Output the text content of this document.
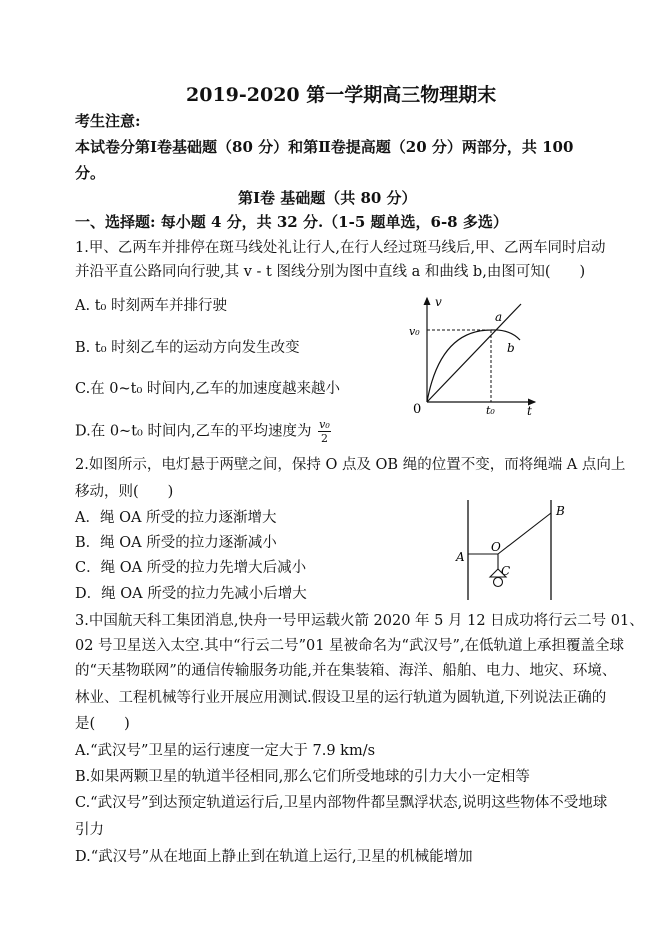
2019-2020 第一学期高三物理期末
考生注意:
本试卷分第Ⅰ卷基础题（80 分）和第Ⅱ卷提高题（20 分）两部分，共 100
分。
第Ⅰ卷 基础题（共 80 分）
一、选择题: 每小题 4 分，共 32 分.（1-5 题单选，6-8 多选）
1.甲、乙两车并排停在斑马线处礼让行人,在行人经过斑马线后,甲、乙两车同时启动
并沿平直公路同向行驶,其 v - t 图线分别为图中直线 a 和曲线 b,由图可知(　　)
A. t₀ 时刻两车并排行驶
B. t₀ 时刻乙车的运动方向发生改变
C.在 0~t₀ 时间内,乙车的加速度越来越小
D.在 0~t₀ 时间内,乙车的平均速度为 $\frac{\text{v₀}}{2}$
v
t
0
v₀
t₀
a
b
2.如图所示，电灯悬于两壁之间，保持 O 点及 OB 绳的位置不变，而将绳端 A 点向上
移动，则(　　)
A．绳 OA 所受的拉力逐渐增大
B．绳 OA 所受的拉力逐渐减小
C．绳 OA 所受的拉力先增大后减小
D．绳 OA 所受的拉力先减小后增大
A
B
O
C
3.中国航天科工集团消息,快舟一号甲运载火箭 2020 年 5 月 12 日成功将行云二号 01、
02 号卫星送入太空.其中“行云二号”01 星被命名为“武汉号”,在低轨道上承担覆盖全球
的“天基物联网”的通信传输服务功能,并在集装箱、海洋、船舶、电力、地灾、环境、
林业、工程机械等行业开展应用测试.假设卫星的运行轨道为圆轨道,下列说法正确的
是(　　)
A.“武汉号”卫星的运行速度一定大于 7.9 km/s
B.如果两颗卫星的轨道半径相同,那么它们所受地球的引力大小一定相等
C.“武汉号”到达预定轨道运行后,卫星内部物件都呈飘浮状态,说明这些物体不受地球
引力
D.“武汉号”从在地面上静止到在轨道上运行,卫星的机械能增加
